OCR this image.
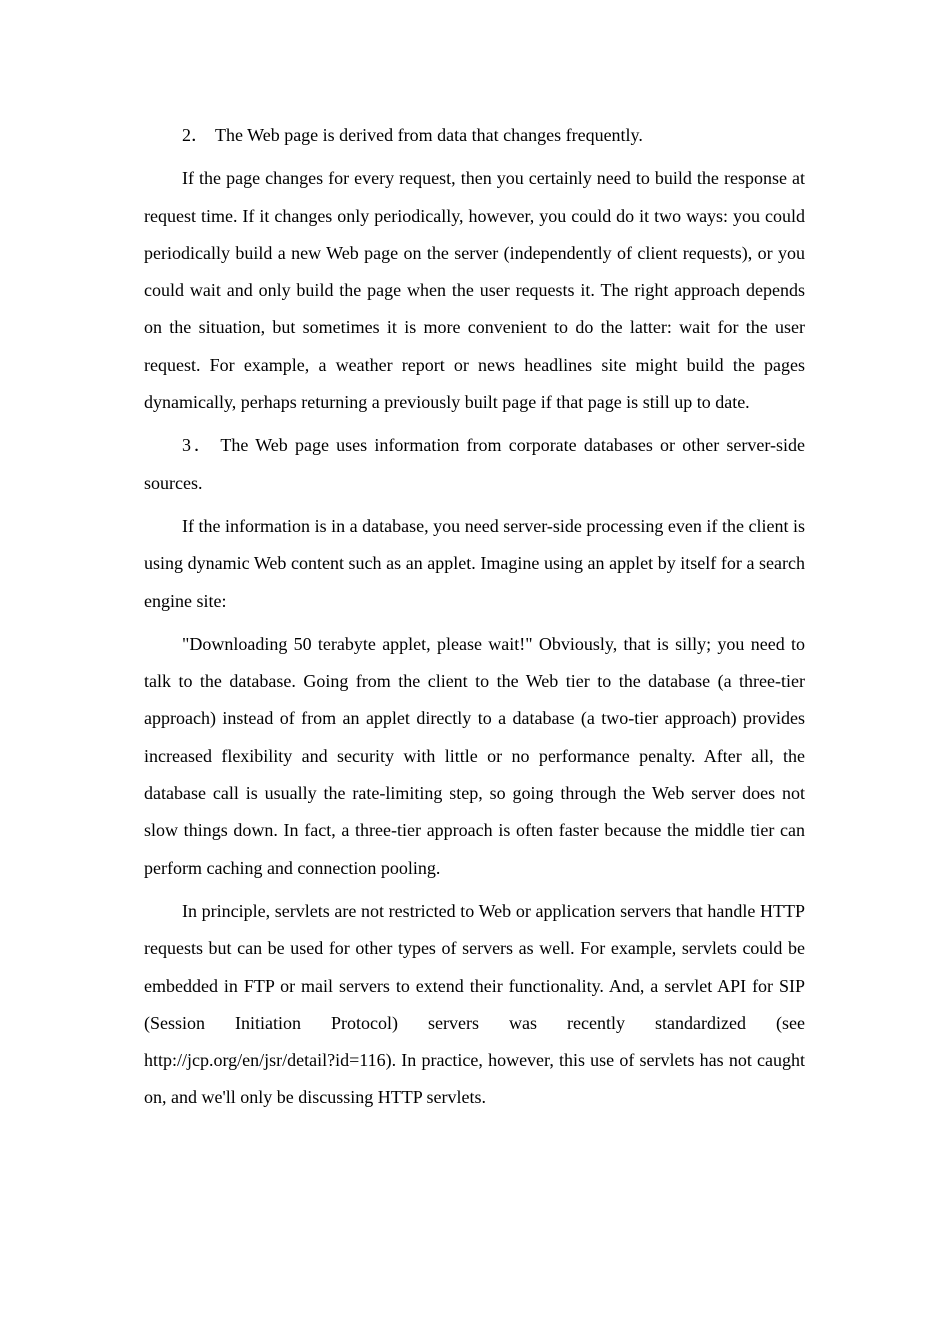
2． The Web page is derived from data that changes frequently.

If the page changes for every request, then you certainly need to build the response at request time. If it changes only periodically, however, you could do it two ways: you could periodically build a new Web page on the server (independently of client requests), or you could wait and only build the page when the user requests it. The right approach depends on the situation, but sometimes it is more convenient to do the latter: wait for the user request. For example, a weather report or news headlines site might build the pages dynamically, perhaps returning a previously built page if that page is still up to date.

3． The Web page uses information from corporate databases or other server-side sources.

If the information is in a database, you need server-side processing even if the client is using dynamic Web content such as an applet. Imagine using an applet by itself for a search engine site:

"Downloading 50 terabyte applet, please wait!" Obviously, that is silly; you need to talk to the database. Going from the client to the Web tier to the database (a three-tier approach) instead of from an applet directly to a database (a two-tier approach) provides increased flexibility and security with little or no performance penalty. After all, the database call is usually the rate-limiting step, so going through the Web server does not slow things down. In fact, a three-tier approach is often faster because the middle tier can perform caching and connection pooling.

In principle, servlets are not restricted to Web or application servers that handle HTTP requests but can be used for other types of servers as well. For example, servlets could be embedded in FTP or mail servers to extend their functionality. And, a servlet API for SIP (Session Initiation Protocol) servers was recently standardized (see http://jcp.org/en/jsr/detail?id=116). In practice, however, this use of servlets has not caught on, and we'll only be discussing HTTP servlets.
